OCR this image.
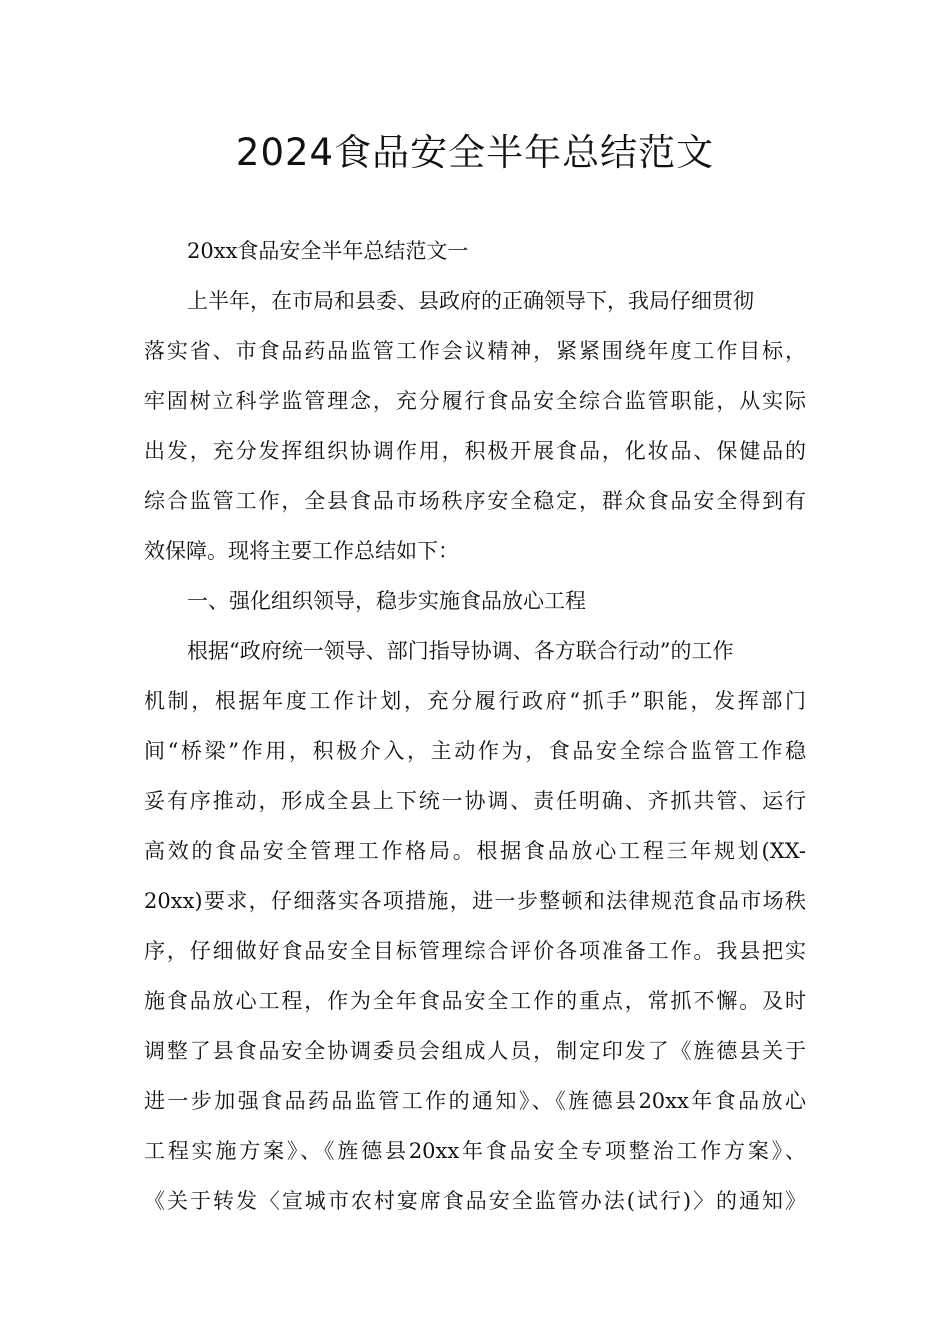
2024食品安全半年总结范文

20xx食品安全半年总结范文一

上半年，在市局和县委、县政府的正确领导下，我局仔细贯彻

落实省、市食品药品监管工作会议精神，紧紧围绕年度工作目标，

牢固树立科学监管理念，充分履行食品安全综合监管职能，从实际

出发，充分发挥组织协调作用，积极开展食品，化妆品、保健品的

综合监管工作，全县食品市场秩序安全稳定，群众食品安全得到有

效保障。现将主要工作总结如下：

一、强化组织领导，稳步实施食品放心工程

根据“政府统一领导、部门指导协调、各方联合行动”的工作

机制，根据年度工作计划，充分履行政府“抓手”职能，发挥部门

间“桥梁”作用，积极介入，主动作为，食品安全综合监管工作稳

妥有序推动，形成全县上下统一协调、责任明确、齐抓共管、运行

高效的食品安全管理工作格局。根据食品放心工程三年规划(XX-

20xx)要求，仔细落实各项措施，进一步整顿和法律规范食品市场秩

序，仔细做好食品安全目标管理综合评价各项准备工作。我县把实

施食品放心工程，作为全年食品安全工作的重点，常抓不懈。及时

调整了县食品安全协调委员会组成人员，制定印发了《旌德县关于

进一步加强食品药品监管工作的通知》、《旌德县20xx年食品放心

工程实施方案》、《旌德县20xx年食品安全专项整治工作方案》、

《关于转发〈宣城市农村宴席食品安全监管办法(试行)〉的通知》
